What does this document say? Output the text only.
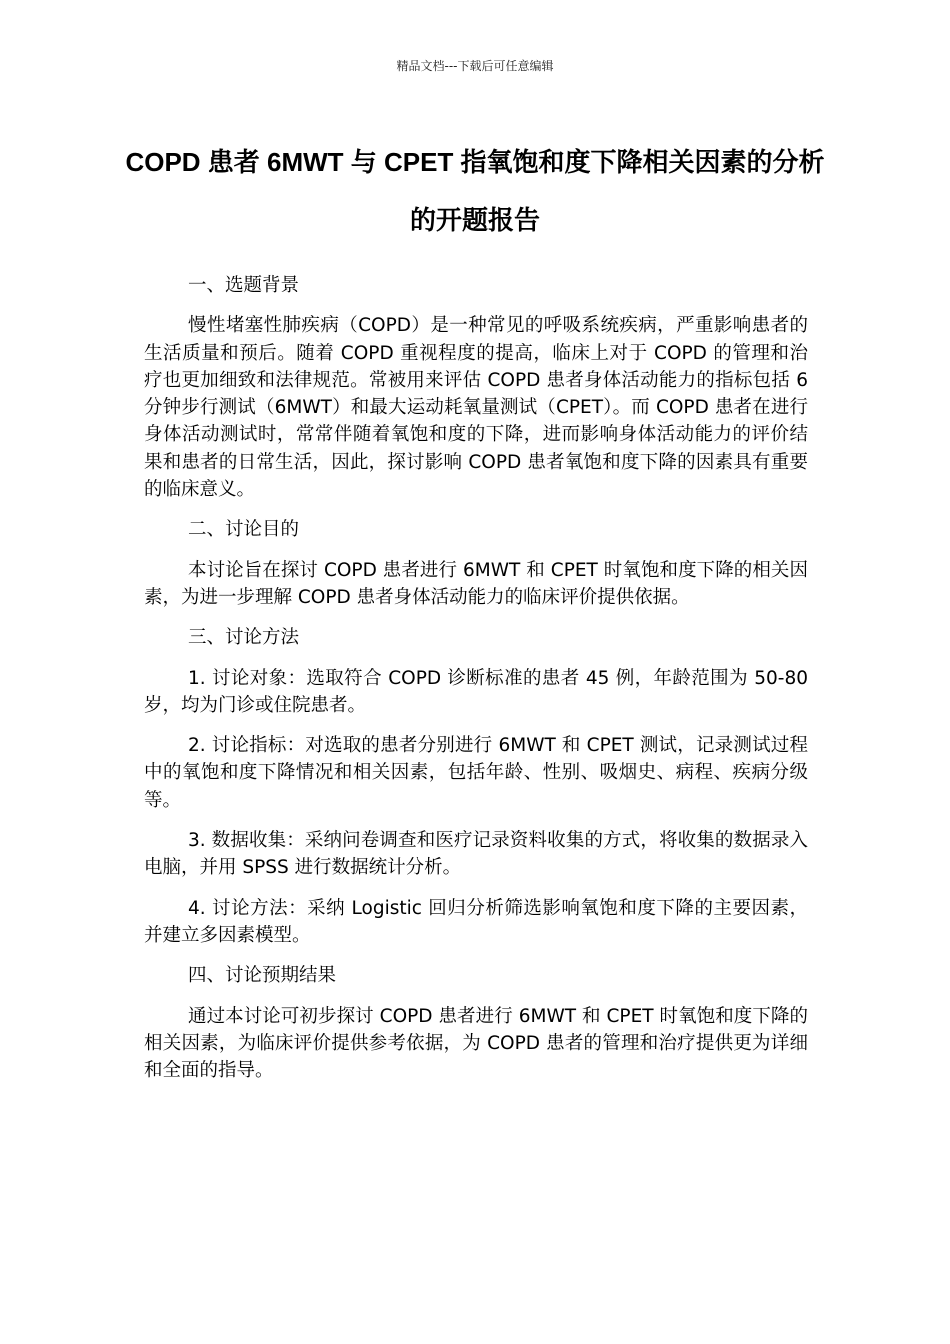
精品文档---下载后可任意编辑
COPD 患者 6MWT 与 CPET 指氧饱和度下降相关因素的分析的开题报告

一、选题背景

慢性堵塞性肺疾病（COPD）是一种常见的呼吸系统疾病，严重影响患者的生活质量和预后。随着 COPD 重视程度的提高，临床上对于 COPD 的管理和治疗也更加细致和法律规范。常被用来评估 COPD 患者身体活动能力的指标包括 6 分钟步行测试（6MWT）和最大运动耗氧量测试（CPET）。而 COPD 患者在进行身体活动测试时，常常伴随着氧饱和度的下降，进而影响身体活动能力的评价结果和患者的日常生活，因此，探讨影响 COPD 患者氧饱和度下降的因素具有重要的临床意义。

二、讨论目的

本讨论旨在探讨 COPD 患者进行 6MWT 和 CPET 时氧饱和度下降的相关因素，为进一步理解 COPD 患者身体活动能力的临床评价提供依据。

三、讨论方法

1. 讨论对象：选取符合 COPD 诊断标准的患者 45 例，年龄范围为 50-80 岁，均为门诊或住院患者。

2. 讨论指标：对选取的患者分别进行 6MWT 和 CPET 测试，记录测试过程中的氧饱和度下降情况和相关因素，包括年龄、性别、吸烟史、病程、疾病分级等。

3. 数据收集：采纳问卷调查和医疗记录资料收集的方式，将收集的数据录入电脑，并用 SPSS 进行数据统计分析。

4. 讨论方法：采纳 Logistic 回归分析筛选影响氧饱和度下降的主要因素，并建立多因素模型。

四、讨论预期结果

通过本讨论可初步探讨 COPD 患者进行 6MWT 和 CPET 时氧饱和度下降的相关因素，为临床评价提供参考依据，为 COPD 患者的管理和治疗提供更为详细和全面的指导。
